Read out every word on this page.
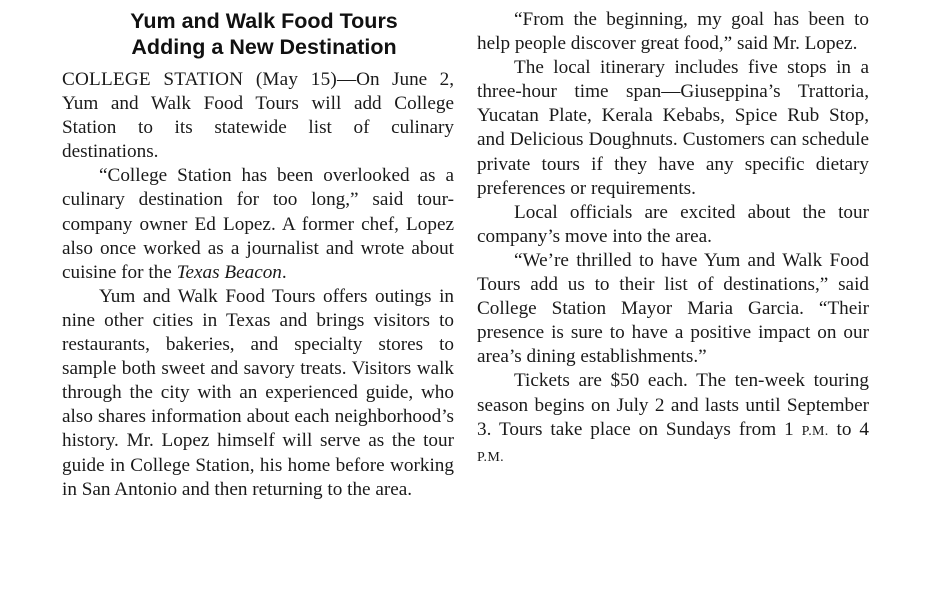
Yum and Walk Food Tours
Adding a New Destination

COLLEGE STATION (May 15)—On June 2, Yum and Walk Food Tours will add College Station to its statewide list of culinary destinations.

“College Station has been overlooked as a culinary destination for too long,” said tour-company owner Ed Lopez. A former chef, Lopez also once worked as a journalist and wrote about cuisine for the Texas Beacon.

Yum and Walk Food Tours offers outings in nine other cities in Texas and brings visitors to restaurants, bakeries, and specialty stores to sample both sweet and savory treats. Visitors walk through the city with an experienced guide, who also shares information about each neighborhood’s history. Mr. Lopez himself will serve as the tour guide in College Station, his home before working in San Antonio and then returning to the area.

“From the beginning, my goal has been to help people discover great food,” said Mr. Lopez.

The local itinerary includes five stops in a three-hour time span—Giuseppina’s Trattoria, Yucatan Plate, Kerala Kebabs, Spice Rub Stop, and Delicious Doughnuts. Customers can schedule private tours if they have any specific dietary preferences or requirements.

Local officials are excited about the tour company’s move into the area.

“We’re thrilled to have Yum and Walk Food Tours add us to their list of destinations,” said College Station Mayor Maria Garcia. “Their presence is sure to have a positive impact on our area’s dining establishments.”

Tickets are $50 each. The ten-week touring season begins on July 2 and lasts until September 3. Tours take place on Sundays from 1 P.M. to 4 P.M.
